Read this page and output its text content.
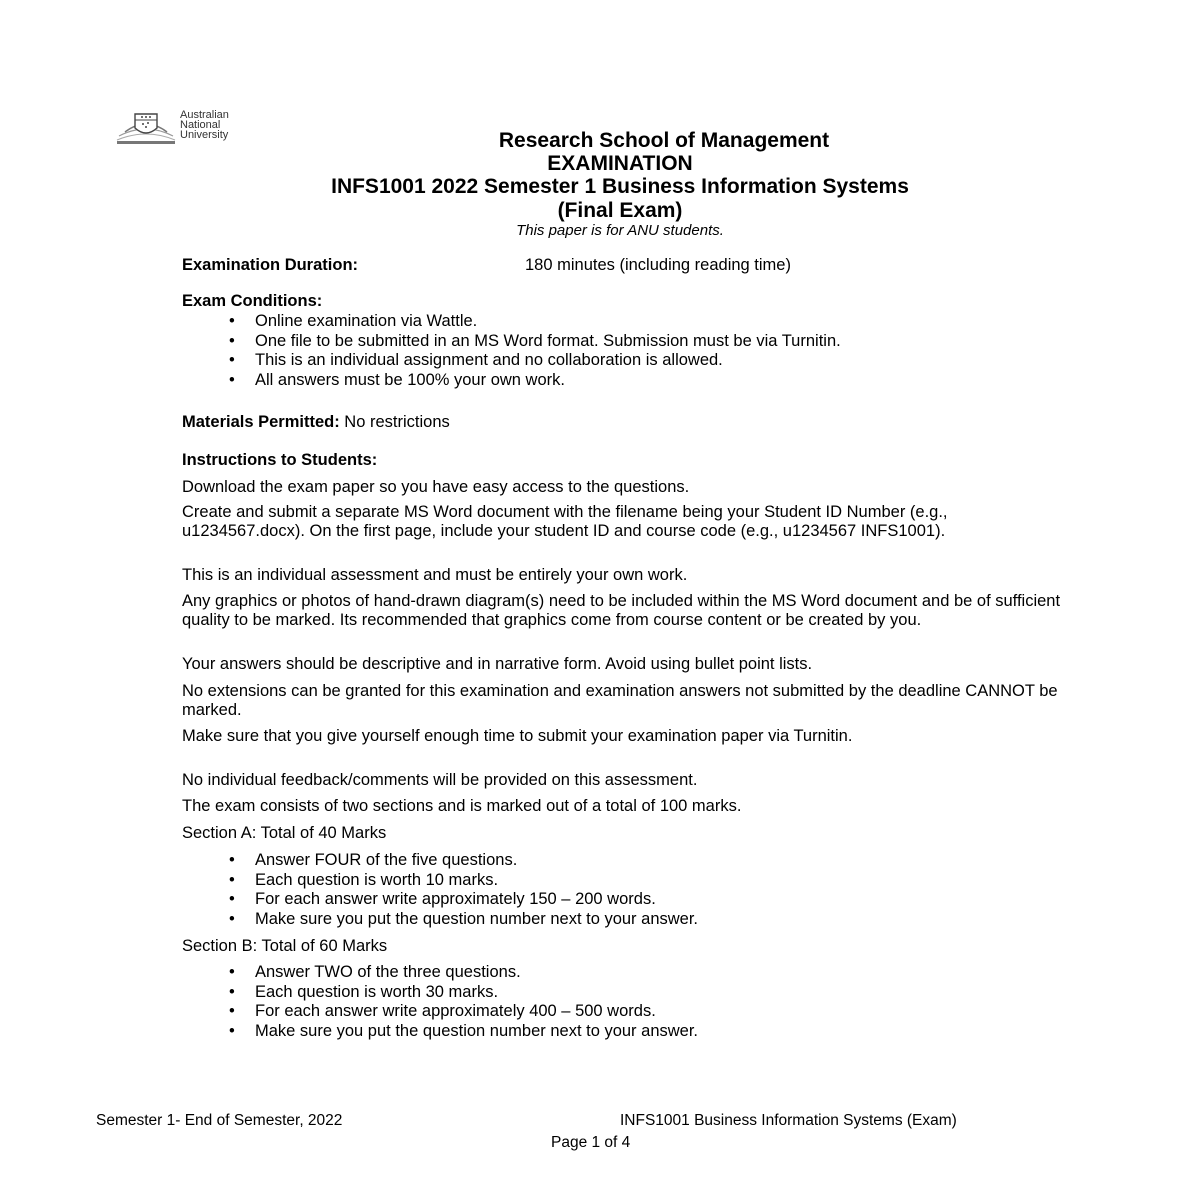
Australian
National
University	Research School of Management
EXAMINATION
INFS1001 2022 Semester 1 Business Information Systems
(Final Exam)
This paper is for ANU students.
Examination Duration:	180 minutes (including reading time)
Exam Conditions:
• Online examination via Wattle.
• One file to be submitted in an MS Word format. Submission must be via Turnitin.
• This is an individual assignment and no collaboration is allowed.
• All answers must be 100% your own work.
Materials Permitted: No restrictions
Instructions to Students:

Download the exam paper so you have easy access to the questions.

Create and submit a separate MS Word document with the filename being your Student ID Number (e.g., u1234567.docx). On the first page, include your student ID and course code (e.g., u1234567 INFS1001).

This is an individual assessment and must be entirely your own work.

Any graphics or photos of hand-drawn diagram(s) need to be included within the MS Word document and be of sufficient quality to be marked. Its recommended that graphics come from course content or be created by you.

Your answers should be descriptive and in narrative form. Avoid using bullet point lists.

No extensions can be granted for this examination and examination answers not submitted by the deadline CANNOT be marked.

Make sure that you give yourself enough time to submit your examination paper via Turnitin.

No individual feedback/comments will be provided on this assessment.

The exam consists of two sections and is marked out of a total of 100 marks.

Section A: Total of 40 Marks
• Answer FOUR of the five questions.
• Each question is worth 10 marks.
• For each answer write approximately 150 – 200 words.
• Make sure you put the question number next to your answer.
Section B: Total of 60 Marks
• Answer TWO of the three questions.
• Each question is worth 30 marks.
• For each answer write approximately 400 – 500 words.
• Make sure you put the question number next to your answer.
Semester 1- End of Semester, 2022	INFS1001 Business Information Systems (Exam)
Page 1 of 4
